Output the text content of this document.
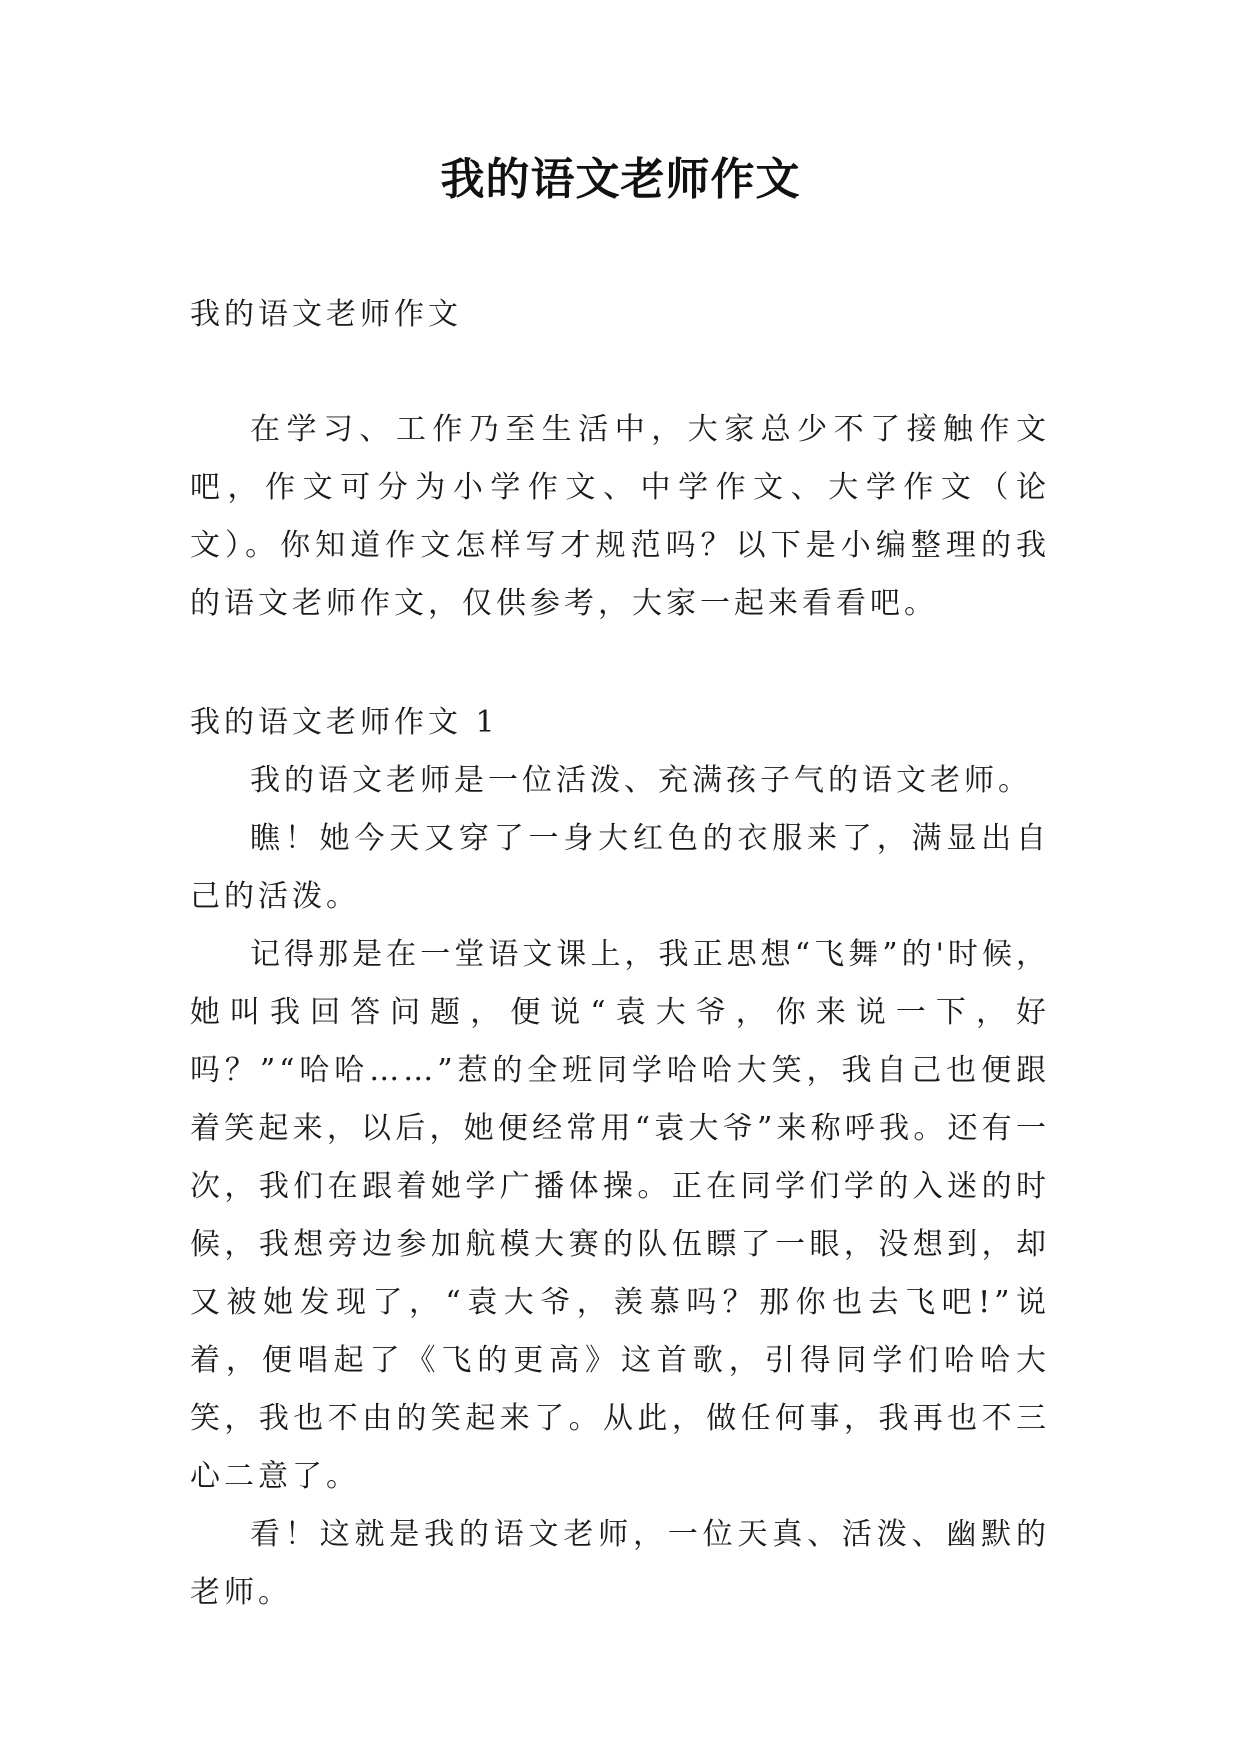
我的语文老师作文

我的语文老师作文

在学习、工作乃至生活中，大家总少不了接触作文吧，作文可分为小学作文、中学作文、大学作文（论文）。你知道作文怎样写才规范吗？以下是小编整理的我的语文老师作文，仅供参考，大家一起来看看吧。

我的语文老师作文 1

我的语文老师是一位活泼、充满孩子气的语文老师。

瞧！她今天又穿了一身大红色的衣服来了，满显出自己的活泼。

记得那是在一堂语文课上，我正思想“飞舞”的'时候，她叫我回答问题，便说“袁大爷，你来说一下，好吗？”“哈哈……”惹的全班同学哈哈大笑，我自己也便跟着笑起来，以后，她便经常用“袁大爷”来称呼我。还有一次，我们在跟着她学广播体操。正在同学们学的入迷的时候，我想旁边参加航模大赛的队伍瞟了一眼，没想到，却又被她发现了，“袁大爷，羡慕吗？那你也去飞吧!”说着，便唱起了《飞的更高》这首歌，引得同学们哈哈大笑，我也不由的笑起来了。从此，做任何事，我再也不三心二意了。

看！这就是我的语文老师，一位天真、活泼、幽默的老师。
